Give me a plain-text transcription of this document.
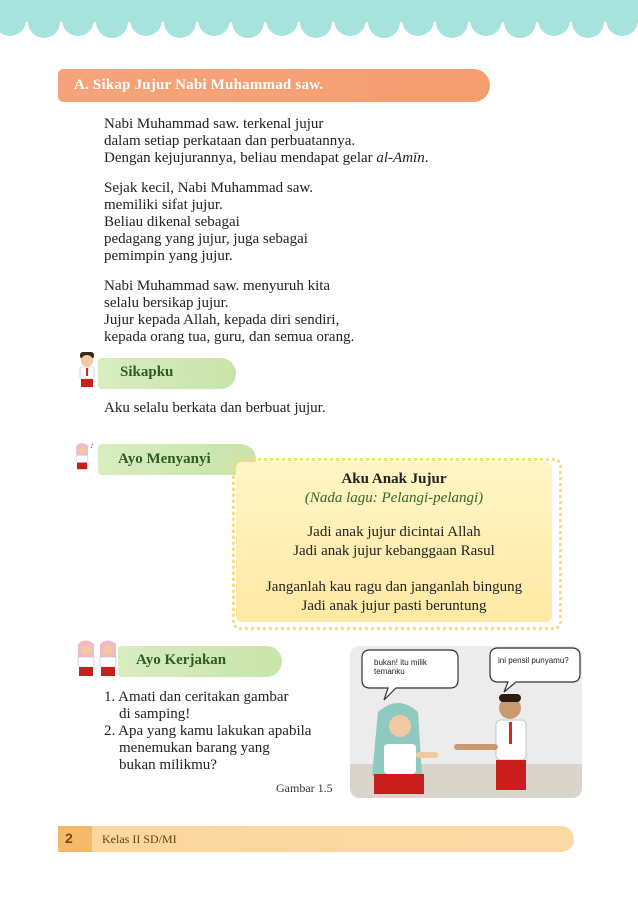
A. Sikap Jujur Nabi Muhammad saw.
Nabi Muhammad saw. terkenal jujur
dalam setiap perkataan dan perbuatannya.
Dengan kejujurannya, beliau mendapat gelar al-Amīn.
Sejak kecil, Nabi Muhammad saw.
memiliki sifat jujur.
Beliau dikenal sebagai
pedagang yang jujur, juga sebagai
pemimpin yang jujur.
Nabi Muhammad saw. menyuruh kita
selalu bersikap jujur.
Jujur kepada Allah, kepada diri sendiri,
kepada orang tua, guru, dan semua orang.
Sikapku
Aku selalu berkata dan berbuat jujur.
♪
Ayo Menyanyi
Aku Anak Jujur
(Nada lagu: Pelangi-pelangi)
Jadi anak jujur dicintai Allah
Jadi anak jujur kebanggaan Rasul
Janganlah kau ragu dan janganlah bingung
Jadi anak jujur pasti beruntung
Ayo Kerjakan
1. Amati dan ceritakan gambar
di samping!
2. Apa yang kamu lakukan apabila
menemukan barang yang
bukan milikmu?
Gambar 1.5
bukan! itu milik temanku
ini pensil punyamu?
2 Kelas II SD/MI
